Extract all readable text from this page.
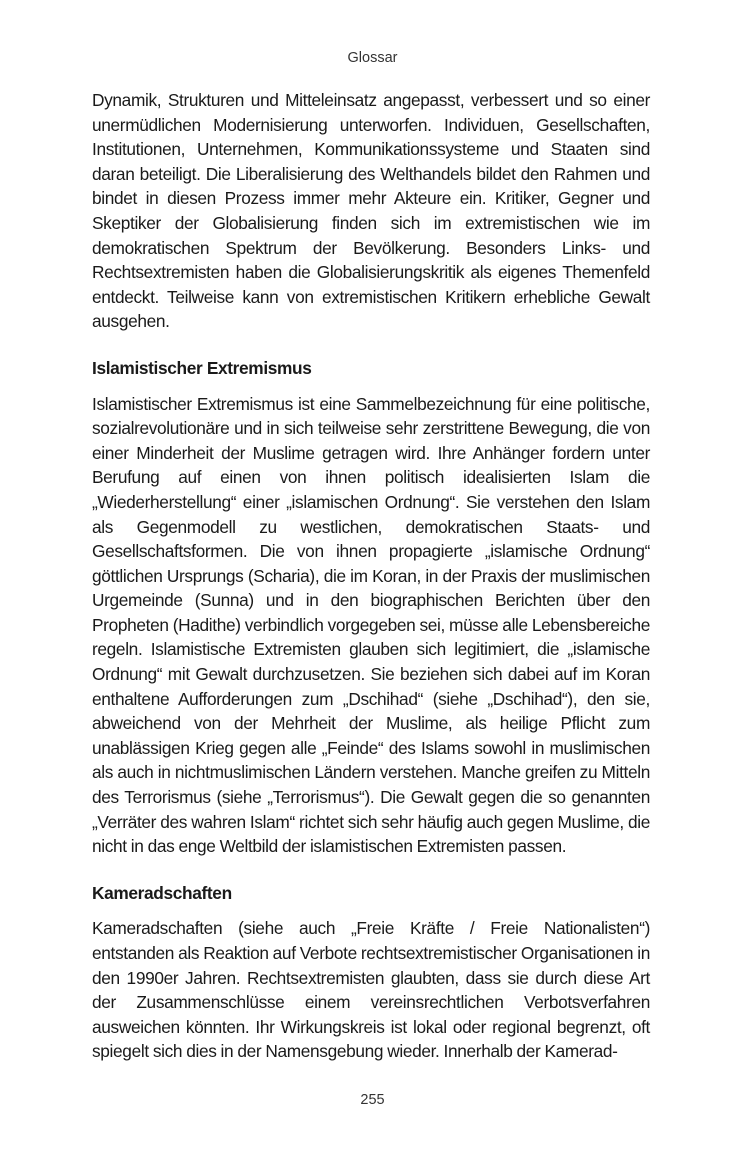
Glossar

Dynamik, Strukturen und Mitteleinsatz angepasst, verbessert und so einer unermüdlichen Modernisierung unterworfen. Individuen, Gesellschaften, Institutionen, Unternehmen, Kommunikationssysteme und Staaten sind daran beteiligt. Die Liberalisierung des Welthandels bildet den Rahmen und bindet in diesen Prozess immer mehr Akteure ein. Kritiker, Gegner und Skeptiker der Globalisierung finden sich im extremistischen wie im demokratischen Spektrum der Bevölkerung. Besonders Links- und Rechtsextremisten haben die Globalisierungskritik als eigenes Themenfeld entdeckt. Teilweise kann von extremistischen Kritikern erhebliche Gewalt ausgehen.

Islamistischer Extremismus

Islamistischer Extremismus ist eine Sammelbezeichnung für eine politische, sozialrevolutionäre und in sich teilweise sehr zerstrittene Bewegung, die von einer Minderheit der Muslime getragen wird. Ihre Anhänger fordern unter Berufung auf einen von ihnen politisch idealisierten Islam die „Wiederherstellung“ einer „islamischen Ordnung“. Sie verstehen den Islam als Gegenmodell zu westlichen, demokratischen Staats- und Gesellschaftsformen. Die von ihnen propagierte „islamische Ordnung“ göttlichen Ursprungs (Scharia), die im Koran, in der Praxis der muslimischen Urgemeinde (Sunna) und in den biographischen Berichten über den Propheten (Hadithe) verbindlich vorgegeben sei, müsse alle Lebensbereiche regeln. Islamistische Extremisten glauben sich legitimiert, die „islamische Ordnung“ mit Gewalt durchzusetzen. Sie beziehen sich dabei auf im Koran enthaltene Aufforderungen zum „Dschihad“ (siehe „Dschihad“), den sie, abweichend von der Mehrheit der Muslime, als heilige Pflicht zum unablässigen Krieg gegen alle „Feinde“ des Islams sowohl in muslimischen als auch in nichtmuslimischen Ländern verstehen. Manche greifen zu Mitteln des Terrorismus (siehe „Terrorismus“). Die Gewalt gegen die so genannten „Verräter des wahren Islam“ richtet sich sehr häufig auch gegen Muslime, die nicht in das enge Weltbild der islamistischen Extremisten passen.

Kameradschaften

Kameradschaften (siehe auch „Freie Kräfte / Freie Nationalisten“) entstanden als Reaktion auf Verbote rechtsextremistischer Organisationen in den 1990er Jahren. Rechtsextremisten glaubten, dass sie durch diese Art der Zusammenschlüsse einem vereinsrechtlichen Verbotsverfahren ausweichen könnten. Ihr Wirkungskreis ist lokal oder regional begrenzt, oft spiegelt sich dies in der Namensgebung wieder. Innerhalb der Kamerad-

255
